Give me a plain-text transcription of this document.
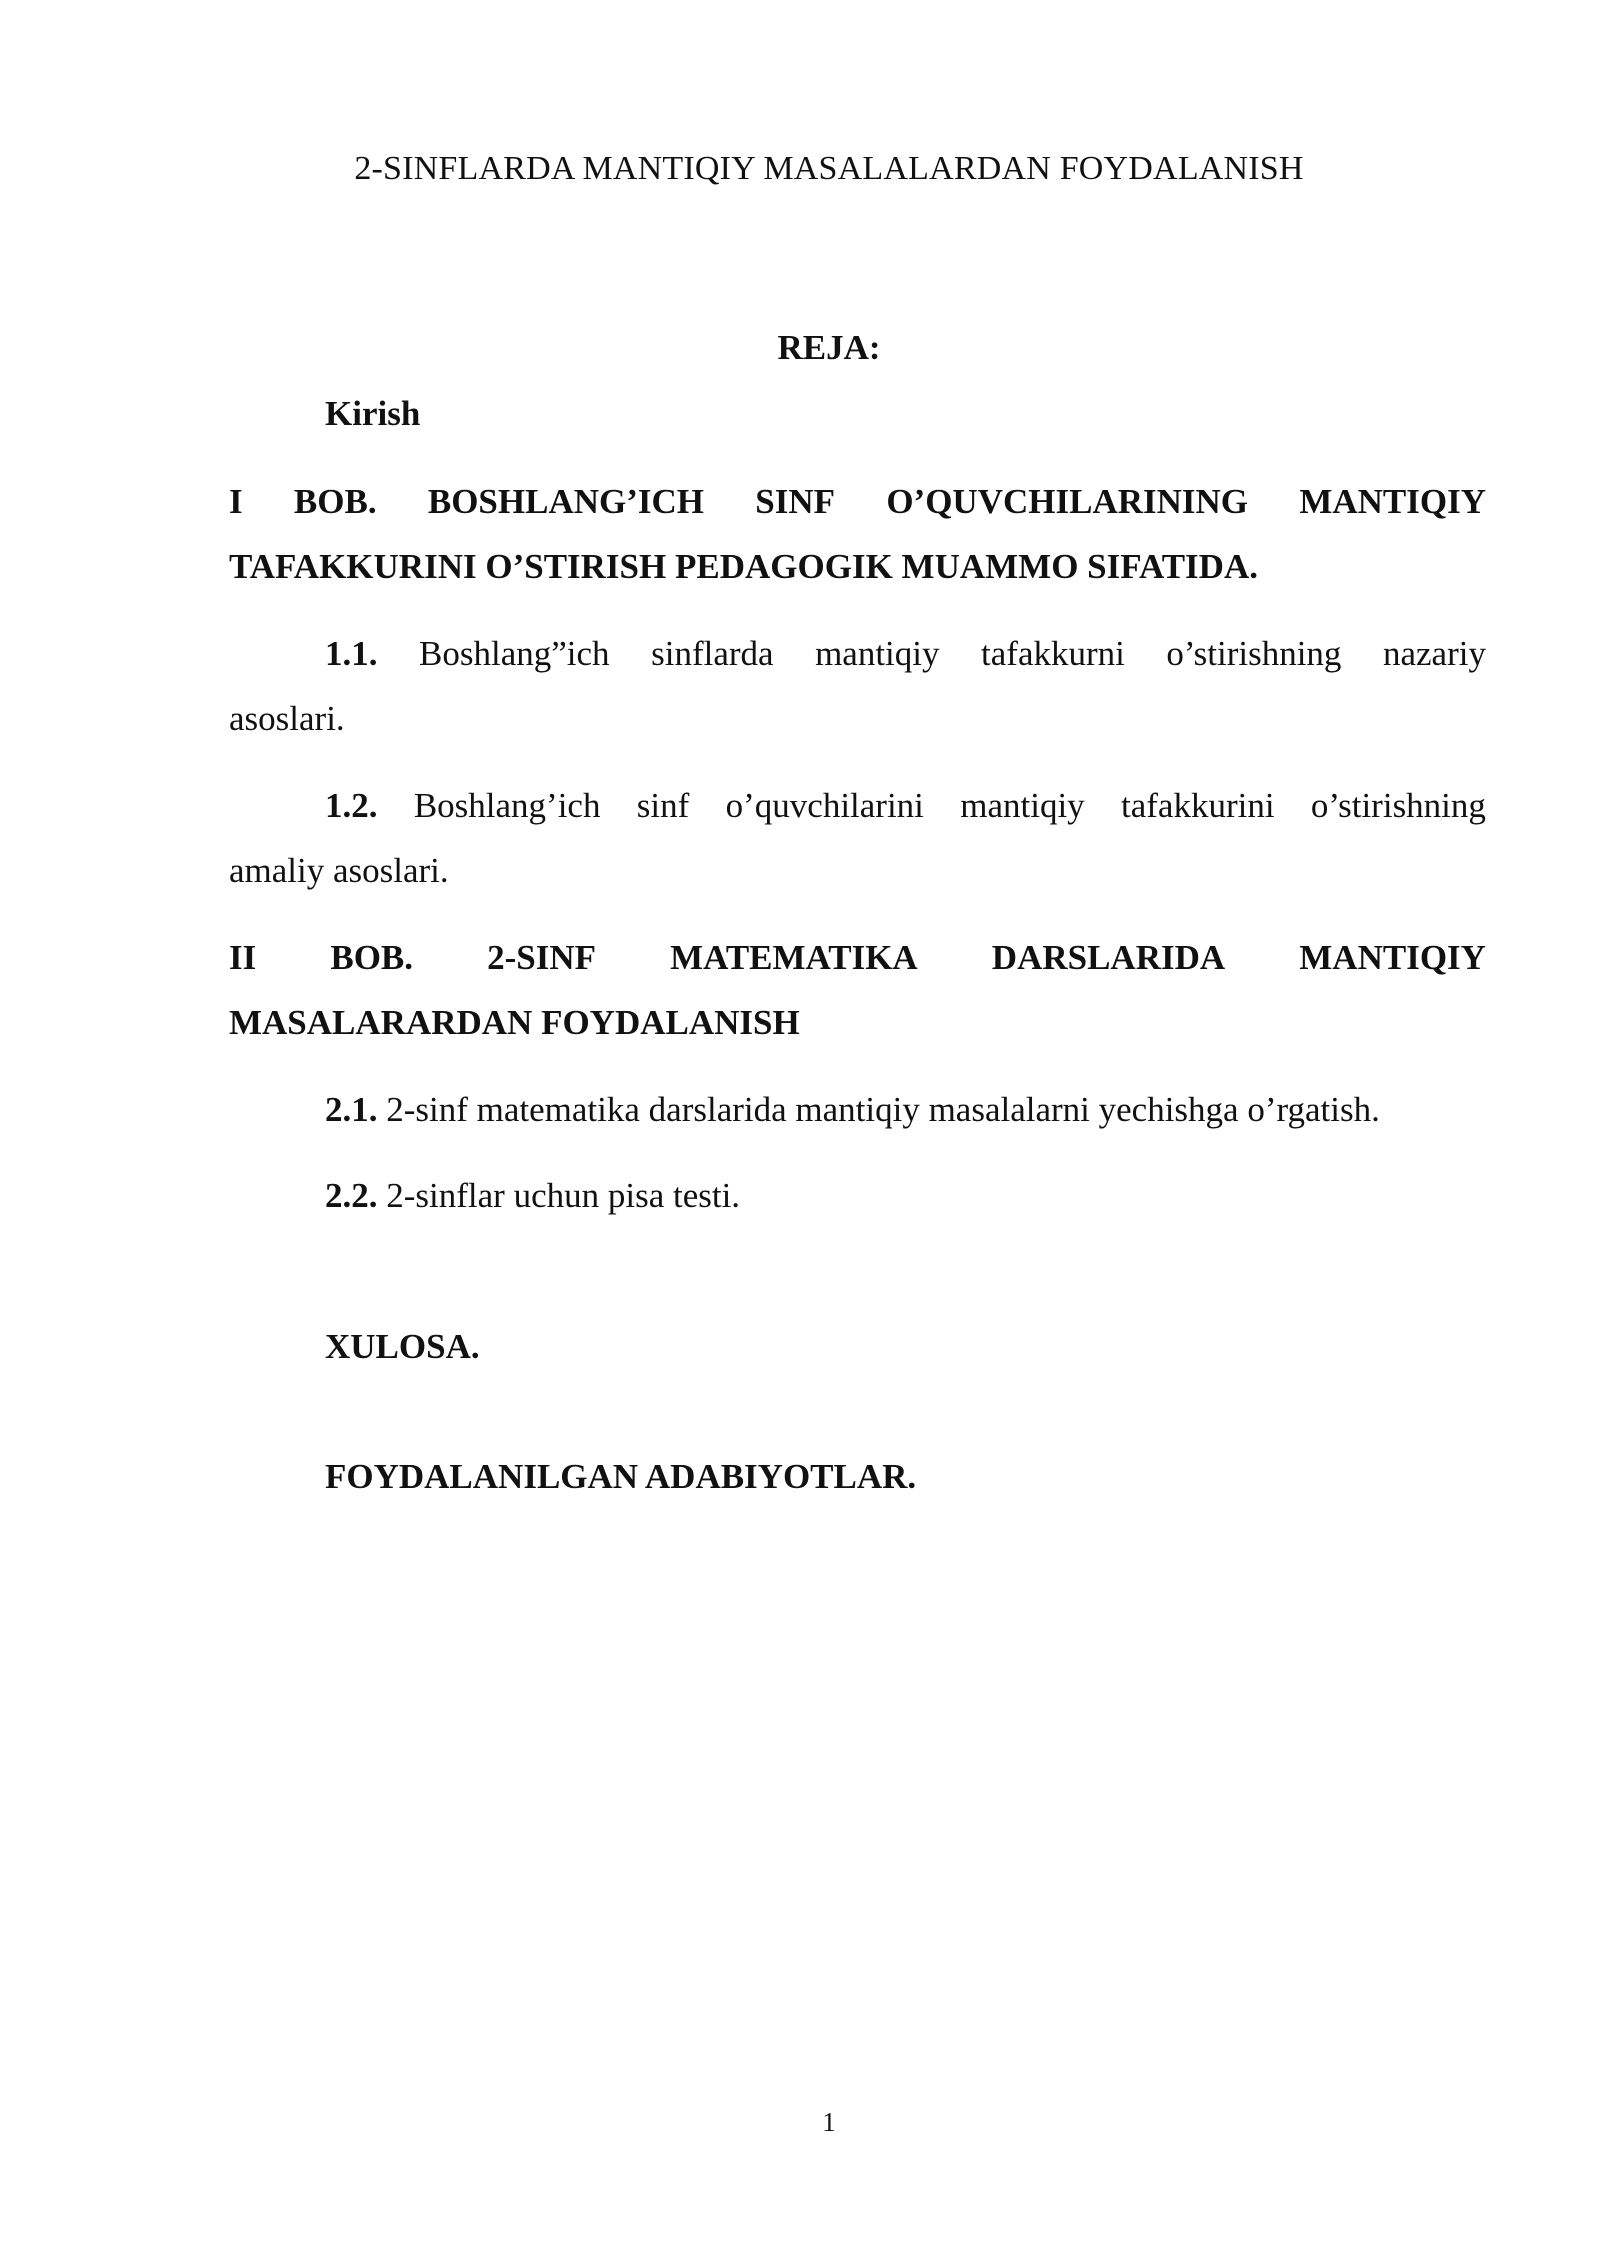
2-SINFLARDA MANTIQIY MASALALARDAN FOYDALANISH
REJA:
Kirish
I BOB. BOSHLANG’ICH SINF O’QUVCHILARINING MANTIQIY
TAFAKKURINI O’STIRISH PEDAGOGIK MUAMMO SIFATIDA.
1.1. Boshlang”ich sinflarda mantiqiy tafakkurni o’stirishning nazariy
asoslari.
1.2. Boshlang’ich sinf o’quvchilarini mantiqiy tafakkurini o’stirishning
amaliy asoslari.
II BOB. 2-SINF MATEMATIKA DARSLARIDA MANTIQIY
MASALARARDAN FOYDALANISH
2.1. 2-sinf matematika darslarida mantiqiy masalalarni yechishga o’rgatish.
2.2. 2-sinflar uchun pisa testi.
XULOSA.
FOYDALANILGAN ADABIYOTLAR.
1
